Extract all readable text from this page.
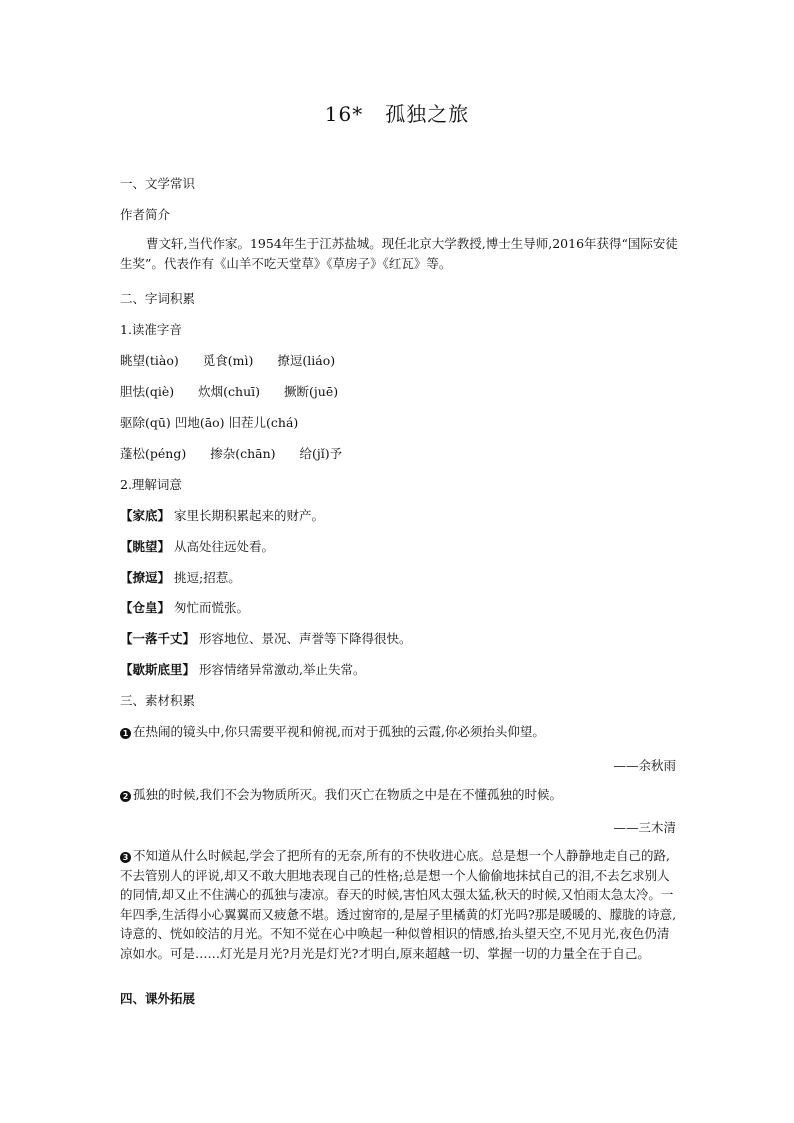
16* 孤独之旅
一、文学常识
作者简介
曹文轩,当代作家。1954年生于江苏盐城。现任北京大学教授,博士生导师,2016年获得“国际安徒生奖”。代表作有《山羊不吃天堂草》《草房子》《红瓦》等。
二、字词积累
1.读准字音
眺望(tiào) 觅食(mì) 撩逗(liáo)
胆怯(qiè) 炊烟(chuī) 撅断(juē)
驱除(qū) 凹地(āo) 旧茬儿(chá)
蓬松(péng) 掺杂(chān) 给(jǐ)予
2.理解词意
【家底】 家里长期积累起来的财产。
【眺望】 从高处往远处看。
【撩逗】 挑逗;招惹。
【仓皇】 匆忙而慌张。
【一落千丈】 形容地位、景况、声誉等下降得很快。
【歇斯底里】 形容情绪异常激动,举止失常。
三、素材积累
1 在热闹的镜头中,你只需要平视和俯视,而对于孤独的云霞,你必须抬头仰望。
——余秋雨
2 孤独的时候,我们不会为物质所灭。我们灭亡在物质之中是在不懂孤独的时候。
——三木清
3 不知道从什么时候起,学会了把所有的无奈,所有的不快收进心底。总是想一个人静静地走自己的路,不去管别人的评说,却又不敢大胆地表现自己的性格;总是想一个人偷偷地抹拭自己的泪,不去乞求别人的同情,却又止不住满心的孤独与凄凉。春天的时候,害怕风太强太猛,秋天的时候,又怕雨太急太冷。一年四季,生活得小心翼翼而又疲惫不堪。透过窗帘的,是屋子里橘黄的灯光吗?那是暖暖的、朦胧的诗意,诗意的、恍如皎洁的月光。不知不觉在心中唤起一种似曾相识的情感,抬头望天空,不见月光,夜色仍清凉如水。可是……灯光是月光?月光是灯光?才明白,原来超越一切、掌握一切的力量全在于自己。
四、课外拓展
